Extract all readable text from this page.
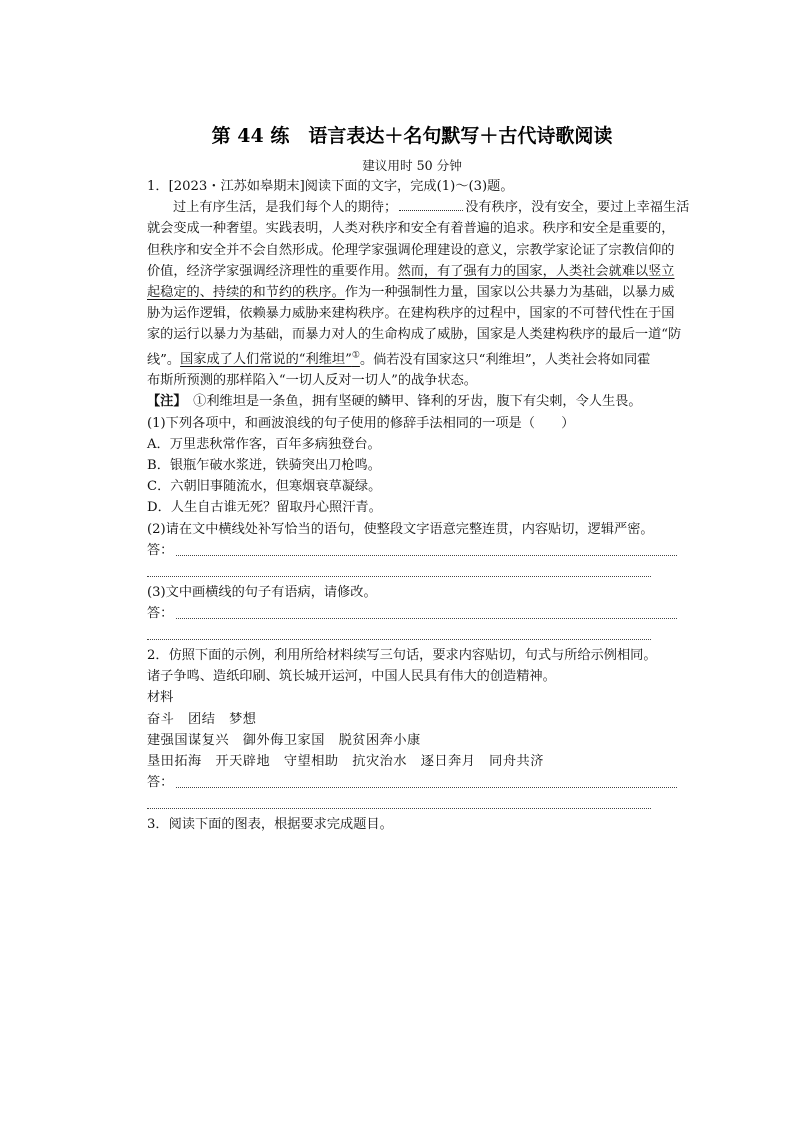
第 44 练　语言表达＋名句默写＋古代诗歌阅读
建议用时 50 分钟
1．[2023・江苏如皋期末]阅读下面的文字，完成(1)～(3)题。
过上有序生活，是我们每个人的期待；	没有秩序，没有安全，要过上幸福生活
就会变成一种奢望。实践表明，人类对秩序和安全有着普遍的追求。秩序和安全是重要的，
但秩序和安全并不会自然形成。伦理学家强调伦理建设的意义，宗教学家论证了宗教信仰的
价值，经济学家强调经济理性的重要作用。然而，有了强有力的国家，人类社会就难以竖立
起稳定的、持续的和节约的秩序。作为一种强制性力量，国家以公共暴力为基础，以暴力威
胁为运作逻辑，依赖暴力威胁来建构秩序。在建构秩序的过程中，国家的不可替代性在于国
家的运行以暴力为基础，而暴力对人的生命构成了威胁，国家是人类建构秩序的最后一道“防
线”。国家成了人们常说的“利维坦”①。倘若没有国家这只“利维坦”，人类社会将如同霍
布斯所预测的那样陷入“一切人反对一切人”的战争状态。
【注】　①利维坦是一条鱼，拥有坚硬的鳞甲、锋利的牙齿，腹下有尖刺，令人生畏。
(1)下列各项中，和画波浪线的句子使用的修辞手法相同的一项是（　　）
A．万里悲秋常作客，百年多病独登台。
B．银瓶乍破水浆迸，铁骑突出刀枪鸣。
C．六朝旧事随流水，但寒烟衰草凝绿。
D．人生自古谁无死？留取丹心照汗青。
(2)请在文中横线处补写恰当的语句，使整段文字语意完整连贯，内容贴切，逻辑严密。
答：
(3)文中画横线的句子有语病，请修改。
答：
2．仿照下面的示例，利用所给材料续写三句话，要求内容贴切，句式与所给示例相同。
诸子争鸣、造纸印刷、筑长城开运河，中国人民具有伟大的创造精神。
材料
奋斗　团结　梦想
建强国谋复兴　御外侮卫家国　脱贫困奔小康
垦田拓海　开天辟地　守望相助　抗灾治水　逐日奔月　同舟共济
答：
3．阅读下面的图表，根据要求完成题目。
